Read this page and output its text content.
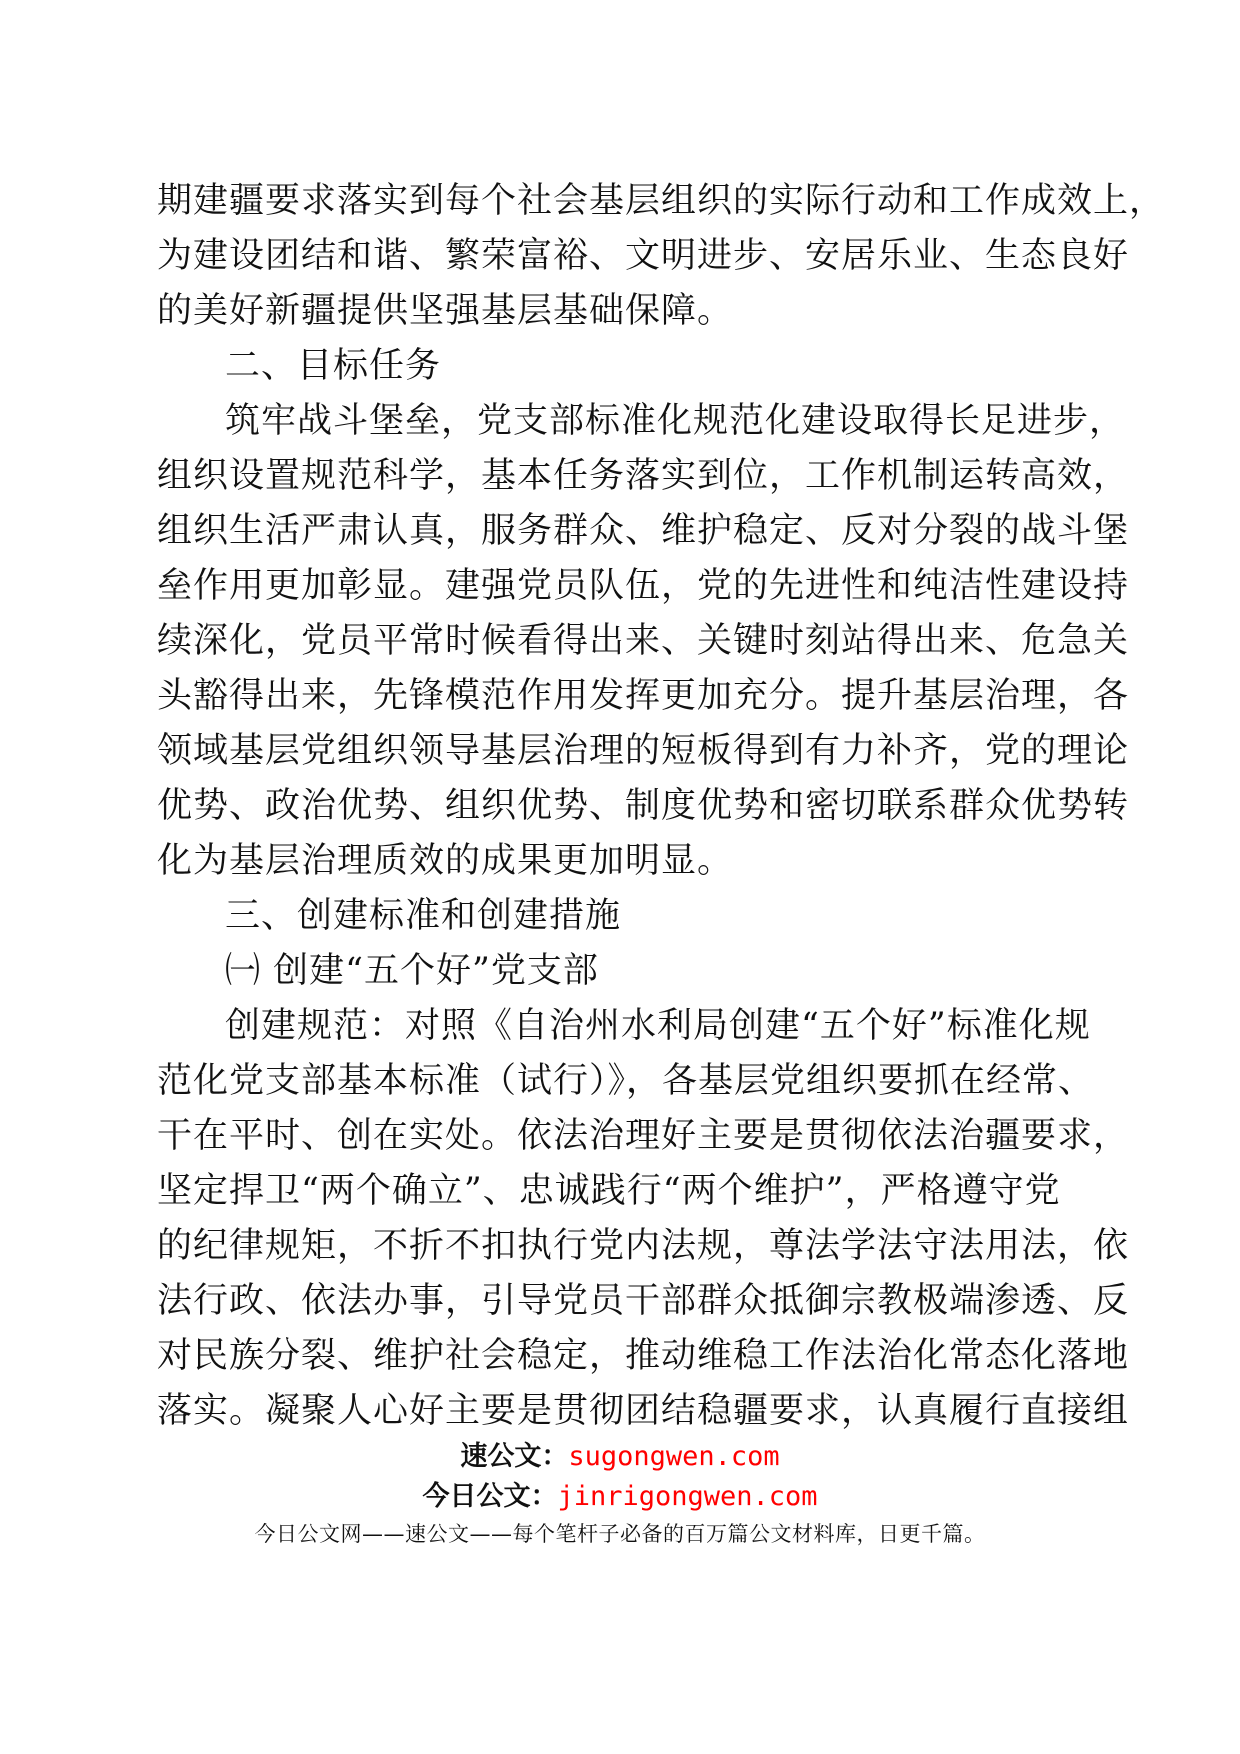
期建疆要求落实到每个社会基层组织的实际行动和工作成效上，
为建设团结和谐、繁荣富裕、文明进步、安居乐业、生态良好
的美好新疆提供坚强基层基础保障。
二、目标任务
筑牢战斗堡垒，党支部标准化规范化建设取得长足进步，
组织设置规范科学，基本任务落实到位，工作机制运转高效，
组织生活严肃认真，服务群众、维护稳定、反对分裂的战斗堡
垒作用更加彰显。建强党员队伍，党的先进性和纯洁性建设持
续深化，党员平常时候看得出来、关键时刻站得出来、危急关
头豁得出来，先锋模范作用发挥更加充分。提升基层治理，各
领域基层党组织领导基层治理的短板得到有力补齐，党的理论
优势、政治优势、组织优势、制度优势和密切联系群众优势转
化为基层治理质效的成果更加明显。
三、创建标准和创建措施
㈠ 创建“五个好”党支部
创建规范：对照《自治州水利局创建“五个好”标准化规
范化党支部基本标准（试行）》，各基层党组织要抓在经常、
干在平时、创在实处。依法治理好主要是贯彻依法治疆要求，
坚定捍卫“两个确立”、忠诚践行“两个维护”，严格遵守党
的纪律规矩，不折不扣执行党内法规，尊法学法守法用法，依
法行政、依法办事，引导党员干部群众抵御宗教极端渗透、反
对民族分裂、维护社会稳定，推动维稳工作法治化常态化落地
落实。凝聚人心好主要是贯彻团结稳疆要求，认真履行直接组
速公文：sugongwen.com
今日公文：jinrigongwen.com
今日公文网——速公文——每个笔杆子必备的百万篇公文材料库，日更千篇。
